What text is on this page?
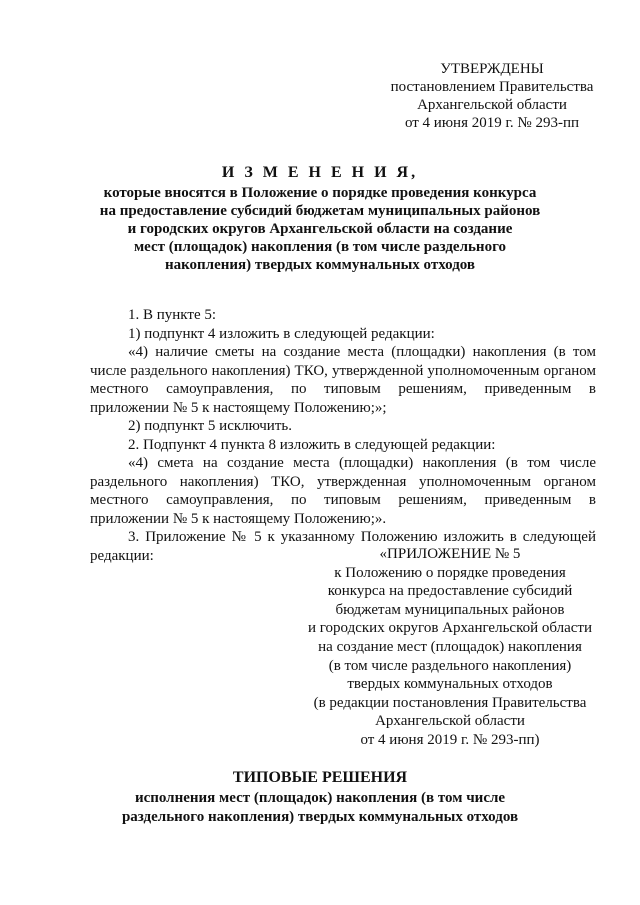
УТВЕРЖДЕНЫ
постановлением Правительства
Архангельской области
от 4 июня 2019 г. № 293-пп
И З М Е Н Е Н И Я,
которые вносятся в Положение о порядке проведения конкурса
на предоставление субсидий бюджетам муниципальных районов
и городских округов Архангельской области на создание
мест (площадок) накопления (в том числе раздельного
накопления) твердых коммунальных отходов

1. В пункте 5:

1) подпункт 4 изложить в следующей редакции:

«4) наличие сметы на создание места (площадки) накопления (в том числе раздельного накопления) ТКО, утвержденной уполномоченным органом местного самоуправления, по типовым решениям, приведенным в приложении № 5 к настоящему Положению;»;

2) подпункт 5 исключить.

2. Подпункт 4 пункта 8 изложить в следующей редакции:

«4) смета на создание места (площадки) накопления (в том числе раздельного накопления) ТКО, утвержденная уполномоченным органом местного самоуправления, по типовым решениям, приведенным в приложении № 5 к настоящему Положению;».

3. Приложение № 5 к указанному Положению изложить в следующей редакции:	«ПРИЛОЖЕНИЕ № 5
к Положению о порядке проведения
конкурса на предоставление субсидий
бюджетам муниципальных районов
и городских округов Архангельской области
на создание мест (площадок) накопления
(в том числе раздельного накопления)
твердых коммунальных отходов
(в редакции постановления Правительства
Архангельской области
от 4 июня 2019 г. № 293-пп)
ТИПОВЫЕ РЕШЕНИЯ
исполнения мест (площадок) накопления (в том числе
раздельного накопления) твердых коммунальных отходов
